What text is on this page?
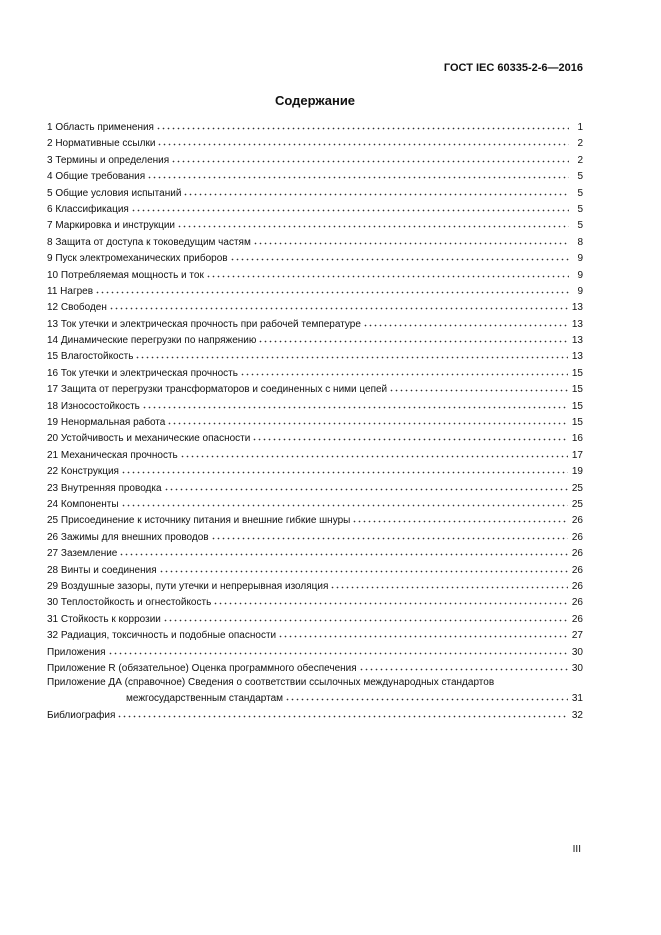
ГОСТ IEC 60335-2-6—2016
Содержание
1 Область применения	1
2 Нормативные ссылки	2
3 Термины и определения	2
4 Общие требования	5
5 Общие условия испытаний	5
6 Классификация	5
7 Маркировка и инструкции	5
8 Защита от доступа к токоведущим частям	8
9 Пуск электромеханических приборов	9
10 Потребляемая мощность и ток	9
11 Нагрев	9
12 Свободен	13
13 Ток утечки и электрическая прочность при рабочей температуре	13
14 Динамические перегрузки по напряжению	13
15 Влагостойкость	13
16 Ток утечки и электрическая прочность	15
17 Защита от перегрузки трансформаторов и соединенных с ними цепей	15
18 Износостойкость	15
19 Ненормальная работа	15
20 Устойчивость и механические опасности	16
21 Механическая прочность	17
22 Конструкция	19
23 Внутренняя проводка	25
24 Компоненты	25
25 Присоединение к источнику питания и внешние гибкие шнуры	26
26 Зажимы для внешних проводов	26
27 Заземление	26
28 Винты и соединения	26
29 Воздушные зазоры, пути утечки и непрерывная изоляция	26
30 Теплостойкость и огнестойкость	26
31 Стойкость к коррозии	26
32 Радиация, токсичность и подобные опасности	27
Приложения	30
Приложение R (обязательное) Оценка программного обеспечения	30
Приложение ДА (справочное) Сведения о соответствии ссылочных международных стандартов
межгосударственным стандартам	31
Библиография	32
III
